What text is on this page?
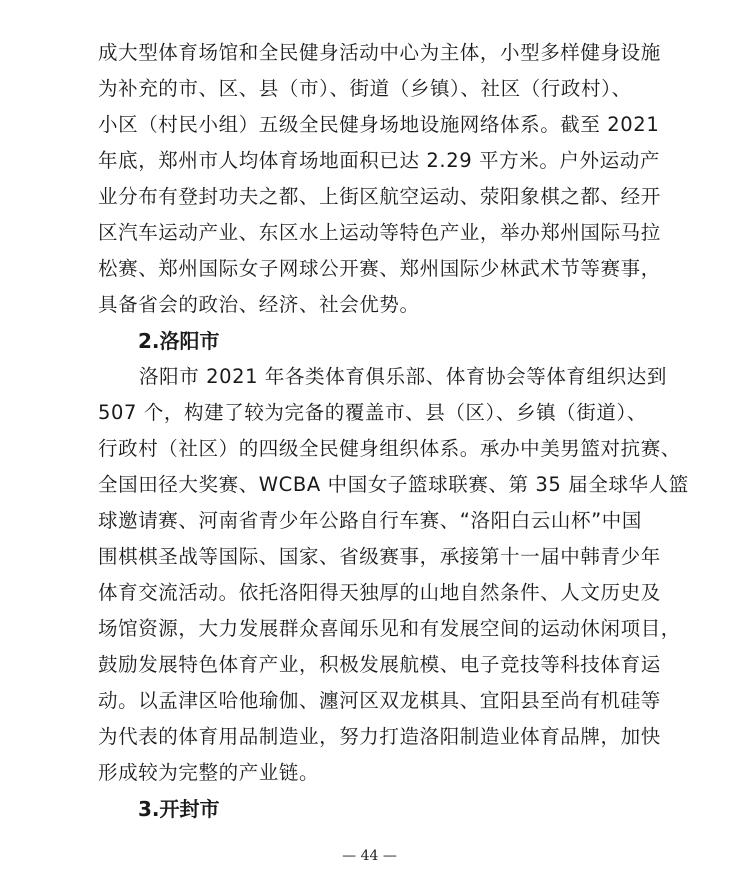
成大型体育场馆和全民健身活动中心为主体，小型多样健身设施
为补充的市、区、县（市）、街道（乡镇）、社区（行政村）、
小区（村民小组）五级全民健身场地设施网络体系。截至 2021
年底，郑州市人均体育场地面积已达 2.29 平方米。户外运动产
业分布有登封功夫之都、上街区航空运动、荥阳象棋之都、经开
区汽车运动产业、东区水上运动等特色产业，举办郑州国际马拉
松赛、郑州国际女子网球公开赛、郑州国际少林武术节等赛事，
具备省会的政治、经济、社会优势。
2.洛阳市
洛阳市 2021 年各类体育俱乐部、体育协会等体育组织达到
507 个，构建了较为完备的覆盖市、县（区）、乡镇（街道）、
行政村（社区）的四级全民健身组织体系。承办中美男篮对抗赛、
全国田径大奖赛、WCBA 中国女子篮球联赛、第 35 届全球华人篮
球邀请赛、河南省青少年公路自行车赛、“洛阳白云山杯”中国
围棋棋圣战等国际、国家、省级赛事，承接第十一届中韩青少年
体育交流活动。依托洛阳得天独厚的山地自然条件、人文历史及
场馆资源，大力发展群众喜闻乐见和有发展空间的运动休闲项目，
鼓励发展特色体育产业，积极发展航模、电子竞技等科技体育运
动。以孟津区哈他瑜伽、瀍河区双龙棋具、宜阳县至尚有机硅等
为代表的体育用品制造业，努力打造洛阳制造业体育品牌，加快
形成较为完整的产业链。
3.开封市
— 44 —
